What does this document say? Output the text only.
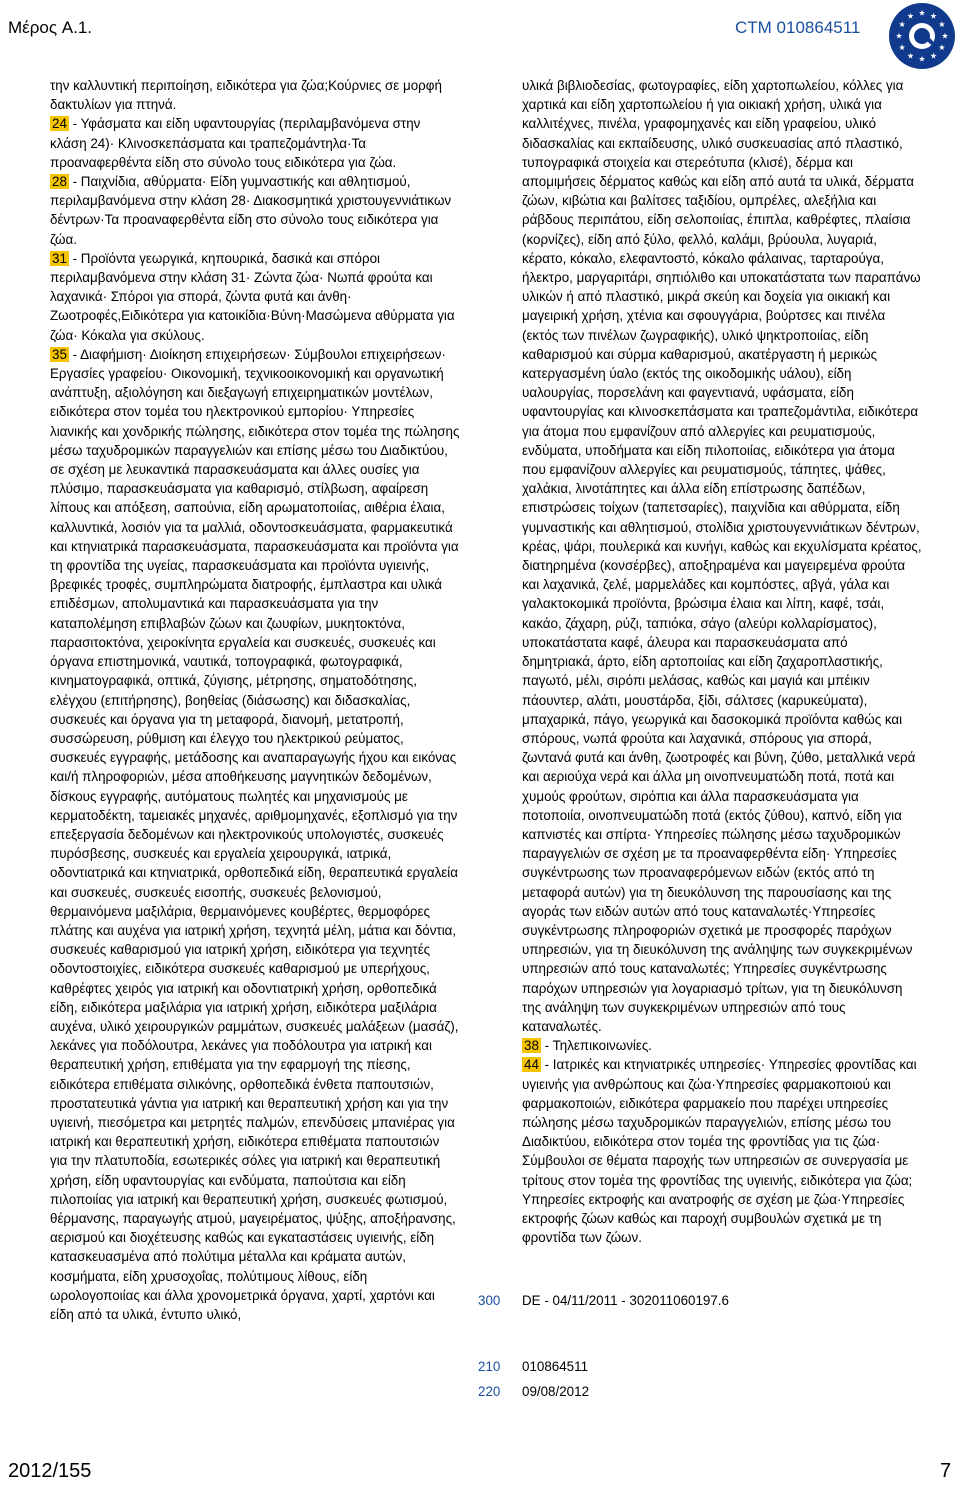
Μέρος A.1.	CTM 010864511

την καλλυντική περιποίηση, ειδικότερα για ζώα;Κούρνιες σε μορφή δακτυλίων για πτηνά.

24 - Υφάσματα και είδη υφαντουργίας (περιλαμβανόμενα στην κλάση 24)· Κλινοσκεπάσματα και τραπεζομάντηλα·Τα προαναφερθέντα είδη στο σύνολο τους ειδικότερα για ζώα.

28 - Παιχνίδια, αθύρματα· Είδη γυμναστικής και αθλητισμού, περιλαμβανόμενα στην κλάση 28· Διακοσμητικά χριστουγεννιάτικων δέντρων·Τα προαναφερθέντα είδη στο σύνολο τους ειδικότερα για ζώα.

31 - Προϊόντα γεωργικά, κηπουρικά, δασικά και σπόροι περιλαμβανόμενα στην κλάση 31· Ζώντα ζώα· Νωπά φρούτα και λαχανικά· Σπόροι για σπορά, ζώντα φυτά και άνθη· Ζωοτροφές,Ειδικότερα για κατοικίδια·Βύνη·Μασώμενα αθύρματα για ζώα· Κόκαλα για σκύλους.

35 - Διαφήμιση· Διοίκηση επιχειρήσεων· Σύμβουλοι επιχειρήσεων· Εργασίες γραφείου· Οικονομική, τεχνικοοικονομική και οργανωτική ανάπτυξη, αξιολόγηση και διεξαγωγή επιχειρηματικών μοντέλων, ειδικότερα στον τομέα του ηλεκτρονικού εμπορίου· Υπηρεσίες λιανικής και χονδρικής πώλησης, ειδικότερα στον τομέα της πώλησης μέσω ταχυδρομικών παραγγελιών και επίσης μέσω του Διαδικτύου, σε σχέση με λευκαντικά παρασκευάσματα και άλλες ουσίες για πλύσιμο, παρασκευάσματα για καθαρισμό, στίλβωση, αφαίρεση λίπους και απόξεση, σαπούνια, είδη αρωματοποιίας, αιθέρια έλαια, καλλυντικά, λοσιόν για τα μαλλιά, οδοντοσκευάσματα, φαρμακευτικά και κτηνιατρικά παρασκευάσματα, παρασκευάσματα και προϊόντα για τη φροντίδα της υγείας, παρασκευάσματα και προϊόντα υγιεινής, βρεφικές τροφές, συμπληρώματα διατροφής, έμπλαστρα και υλικά επιδέσμων, απολυμαντικά και παρασκευάσματα για την καταπολέμηση επιβλαβών ζώων και ζωυφίων, μυκητοκτόνα, παρασιτοκτόνα, χειροκίνητα εργαλεία και συσκευές, συσκευές και όργανα επιστημονικά, ναυτικά, τοπογραφικά, φωτογραφικά, κινηματογραφικά, οπτικά, ζύγισης, μέτρησης, σηματοδότησης, ελέγχου (επιτήρησης), βοηθείας (διάσωσης) και διδασκαλίας, συσκευές και όργανα για τη μεταφορά, διανομή, μετατροπή, συσσώρευση, ρύθμιση και έλεγχο του ηλεκτρικού ρεύματος, συσκευές εγγραφής, μετάδοσης και αναπαραγωγής ήχου και εικόνας και/ή πληροφοριών, μέσα αποθήκευσης μαγνητικών δεδομένων, δίσκους εγγραφής, αυτόματους πωλητές και μηχανισμούς με κερματοδέκτη, ταμειακές μηχανές, αριθμομηχανές, εξοπλισμό για την επεξεργασία δεδομένων και ηλεκτρονικούς υπολογιστές, συσκευές πυρόσβεσης, συσκευές και εργαλεία χειρουργικά, ιατρικά, οδοντιατρικά και κτηνιατρικά, ορθοπεδικά είδη, θεραπευτικά εργαλεία και συσκευές, συσκευές εισοπής, συσκευές βελονισμού, θερμαινόμενα μαξιλάρια, θερμαινόμενες κουβέρτες, θερμοφόρες πλάτης και αυχένα για ιατρική χρήση, τεχνητά μέλη, μάτια και δόντια, συσκευές καθαρισμού για ιατρική χρήση, ειδικότερα για τεχνητές οδοντοστοιχίες, ειδικότερα συσκευές καθαρισμού με υπερήχους, καθρέφτες χειρός για ιατρική και οδοντιατρική χρήση, ορθοπεδικά είδη, ειδικότερα μαξιλάρια για ιατρική χρήση, ειδικότερα μαξιλάρια αυχένα, υλικό χειρουργικών ραμμάτων, συσκευές μαλάξεων (μασάζ), λεκάνες για ποδόλουτρα, λεκάνες για ποδόλουτρα για ιατρική και θεραπευτική χρήση, επιθέματα για την εφαρμογή της πίεσης, ειδικότερα επιθέματα σιλικόνης, ορθοπεδικά ένθετα παπουτσιών, προστατευτικά γάντια για ιατρική και θεραπευτική χρήση και για την υγιεινή, πιεσόμετρα και μετρητές παλμών, επενδύσεις μπανιέρας για ιατρική και θεραπευτική χρήση, ειδικότερα επιθέματα παπουτσιών για την πλατυποδία, εσωτερικές σόλες για ιατρική και θεραπευτική χρήση, είδη υφαντουργίας και ενδύματα, παπούτσια και είδη πιλοποιίας για ιατρική και θεραπευτική χρήση, συσκευές φωτισμού, θέρμανσης, παραγωγής ατμού, μαγειρέματος, ψύξης, αποξήρανσης, αερισμού και διοχέτευσης καθώς και εγκαταστάσεις υγιεινής, είδη κατασκευασμένα από πολύτιμα μέταλλα και κράματα αυτών, κοσμήματα, είδη χρυσοχοΐας, πολύτιμους λίθους, είδη ωρολογοποιίας και άλλα χρονομετρικά όργανα, χαρτί, χαρτόνι και είδη από τα υλικά, έντυπο υλικό,

υλικά βιβλιοδεσίας, φωτογραφίες, είδη χαρτοπωλείου, κόλλες για χαρτικά και είδη χαρτοπωλείου ή για οικιακή χρήση, υλικά για καλλιτέχνες, πινέλα, γραφομηχανές και είδη γραφείου, υλικό διδασκαλίας και εκπαίδευσης, υλικό συσκευασίας από πλαστικό, τυπογραφικά στοιχεία και στερεότυπα (κλισέ), δέρμα και απομιμήσεις δέρματος καθώς και είδη από αυτά τα υλικά, δέρματα ζώων, κιβώτια και βαλίτσες ταξιδίου, ομπρέλες, αλεξήλια και ράβδους περιπάτου, είδη σελοποιίας, έπιπλα, καθρέφτες, πλαίσια (κορνίζες), είδη από ξύλο, φελλό, καλάμι, βρύουλα, λυγαριά, κέρατο, κόκαλο, ελεφαντοστό, κόκαλο φάλαινας, ταρταρούγα, ήλεκτρο, μαργαριτάρι, σηπιόλιθο και υποκατάστατα των παραπάνω υλικών ή από πλαστικό, μικρά σκεύη και δοχεία για οικιακή και μαγειρική χρήση, χτένια και σφουγγάρια, βούρτσες και πινέλα (εκτός των πινέλων ζωγραφικής), υλικό ψηκτροποιίας, είδη καθαρισμού και σύρμα καθαρισμού, ακατέργαστη ή μερικώς κατεργασμένη ύαλο (εκτός της οικοδομικής υάλου), είδη υαλουργίας, πορσελάνη και φαγεντιανά, υφάσματα, είδη υφαντουργίας και κλινοσκεπάσματα και τραπεζομάντιλα, ειδικότερα για άτομα που εμφανίζουν από αλλεργίες και ρευματισμούς, ενδύματα, υποδήματα και είδη πιλοποιίας, ειδικότερα για άτομα που εμφανίζουν αλλεργίες και ρευματισμούς, τάπητες, ψάθες, χαλάκια, λινοτάπητες και άλλα είδη επίστρωσης δαπέδων, επιστρώσεις τοίχων (ταπετσαρίες), παιχνίδια και αθύρματα, είδη γυμναστικής και αθλητισμού, στολίδια χριστουγεννιάτικων δέντρων, κρέας, ψάρι, πουλερικά και κυνήγι, καθώς και εκχυλίσματα κρέατος, διατηρημένα (κονσέρβες), αποξηραμένα και μαγειρεμένα φρούτα και λαχανικά, ζελέ, μαρμελάδες και κομπόστες, αβγά, γάλα και γαλακτοκομικά προϊόντα, βρώσιμα έλαια και λίπη, καφέ, τσάι, κακάο, ζάχαρη, ρύζι, ταπιόκα, σάγο (αλεύρι κολλαρίσματος), υποκατάστατα καφέ, άλευρα και παρασκευάσματα από δημητριακά, άρτο, είδη αρτοποιίας και είδη ζαχαροπλαστικής, παγωτό, μέλι, σιρόπι μελάσας, καθώς και μαγιά και μπέικιν πάουντερ, αλάτι, μουστάρδα, ξίδι, σάλτσες (καρυκεύματα), μπαχαρικά, πάγο, γεωργικά και δασοκομικά προϊόντα καθώς και σπόρους, νωπά φρούτα και λαχανικά, σπόρους για σπορά, ζωντανά φυτά και άνθη, ζωοτροφές και βύνη, ζύθο, μεταλλικά νερά και αεριούχα νερά και άλλα μη οινοπνευματώδη ποτά, ποτά και χυμούς φρούτων, σιρόπια και άλλα παρασκευάσματα για ποτοποιία, οινοπνευματώδη ποτά (εκτός ζύθου), καπνό, είδη για καπνιστές και σπίρτα· Υπηρεσίες πώλησης μέσω ταχυδρομικών παραγγελιών σε σχέση με τα προαναφερθέντα είδη· Υπηρεσίες συγκέντρωσης των προαναφερόμενων ειδών (εκτός από τη μεταφορά αυτών) για τη διευκόλυνση της παρουσίασης και της αγοράς των ειδών αυτών από τους καταναλωτές·Υπηρεσίες συγκέντρωσης πληροφοριών σχετικά με προσφορές παρόχων υπηρεσιών, για τη διευκόλυνση της ανάληψης των συγκεκριμένων υπηρεσιών από τους καταναλωτές; Υπηρεσίες συγκέντρωσης παρόχων υπηρεσιών για λογαριασμό τρίτων, για τη διευκόλυνση της ανάληψη των συγκεκριμένων υπηρεσιών από τους καταναλωτές.

38 - Τηλεπικοινωνίες.

44 - Ιατρικές και κτηνιατρικές υπηρεσίες· Υπηρεσίες φροντίδας και υγιεινής για ανθρώπους και ζώα·Υπηρεσίες φαρμακοποιού και φαρμακοποιών, ειδικότερα φαρμακείο που παρέχει υπηρεσίες πώλησης μέσω ταχυδρομικών παραγγελιών, επίσης μέσω του Διαδικτύου, ειδικότερα στον τομέα της φροντίδας για τις ζώα· Σύμβουλοι σε θέματα παροχής των υπηρεσιών σε συνεργασία με τρίτους στον τομέα της φροντίδας της υγιεινής, ειδικότερα για ζώα; Υπηρεσίες εκτροφής και ανατροφής σε σχέση με ζώα·Υπηρεσίες εκτροφής ζώων καθώς και παροχή συμβουλών σχετικά με τη φροντίδα των ζώων.

300 DE - 04/11/2011 - 302011060197.6
210 010864511
220 09/08/2012
2012/155	7
